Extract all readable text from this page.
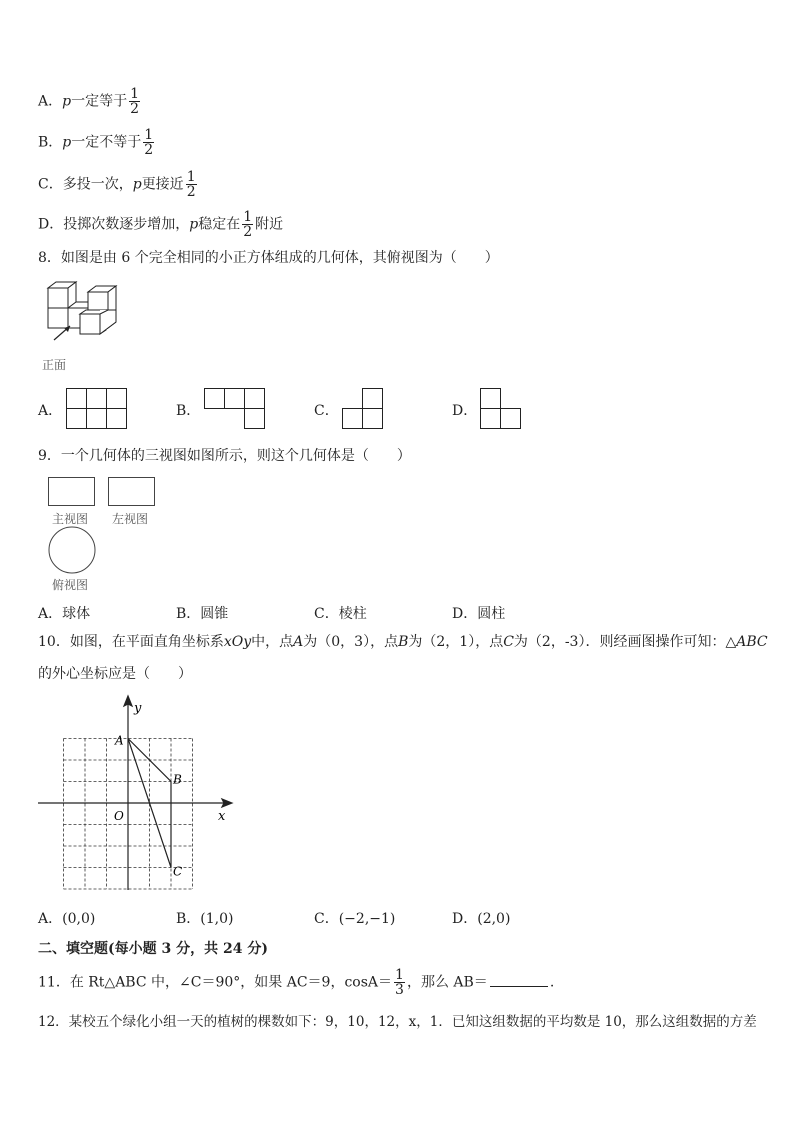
A．p一定等于 $\frac{1}{2}$
B．p一定不等于 $\frac{1}{2}$
C．多投一次，p更接近 $\frac{1}{2}$
D．投掷次数逐步增加，p稳定在 $\frac{1}{2}$ 附近
8．如图是由 6 个完全相同的小正方体组成的几何体，其俯视图为（　　）
正面
A．	B．	C．	D．
9．一个几何体的三视图如图所示，则这个几何体是（　　）
主视图 左视图
俯视图
A．球体	B．圆锥	C．棱柱	D．圆柱
10．如图，在平面直角坐标系xOy中，点A为（0，3），点B为（2，1），点C为（2，-3）．则经画图操作可知：△ABC
的外心坐标应是（　　）
x
y
O
A
B
C
A．(0,0)	B．(1,0)	C．(−2,−1)	D．(2,0)
二、填空题(每小题 3 分，共 24 分)
11．在 Rt△ABC 中，∠C＝90°，如果 AC＝9，$\cos A= \frac{1}{3}$ ，那么 AB＝	.
12．某校五个绿化小组一天的植树的棵数如下：9，10，12，x，1．已知这组数据的平均数是 10，那么这组数据的方差
